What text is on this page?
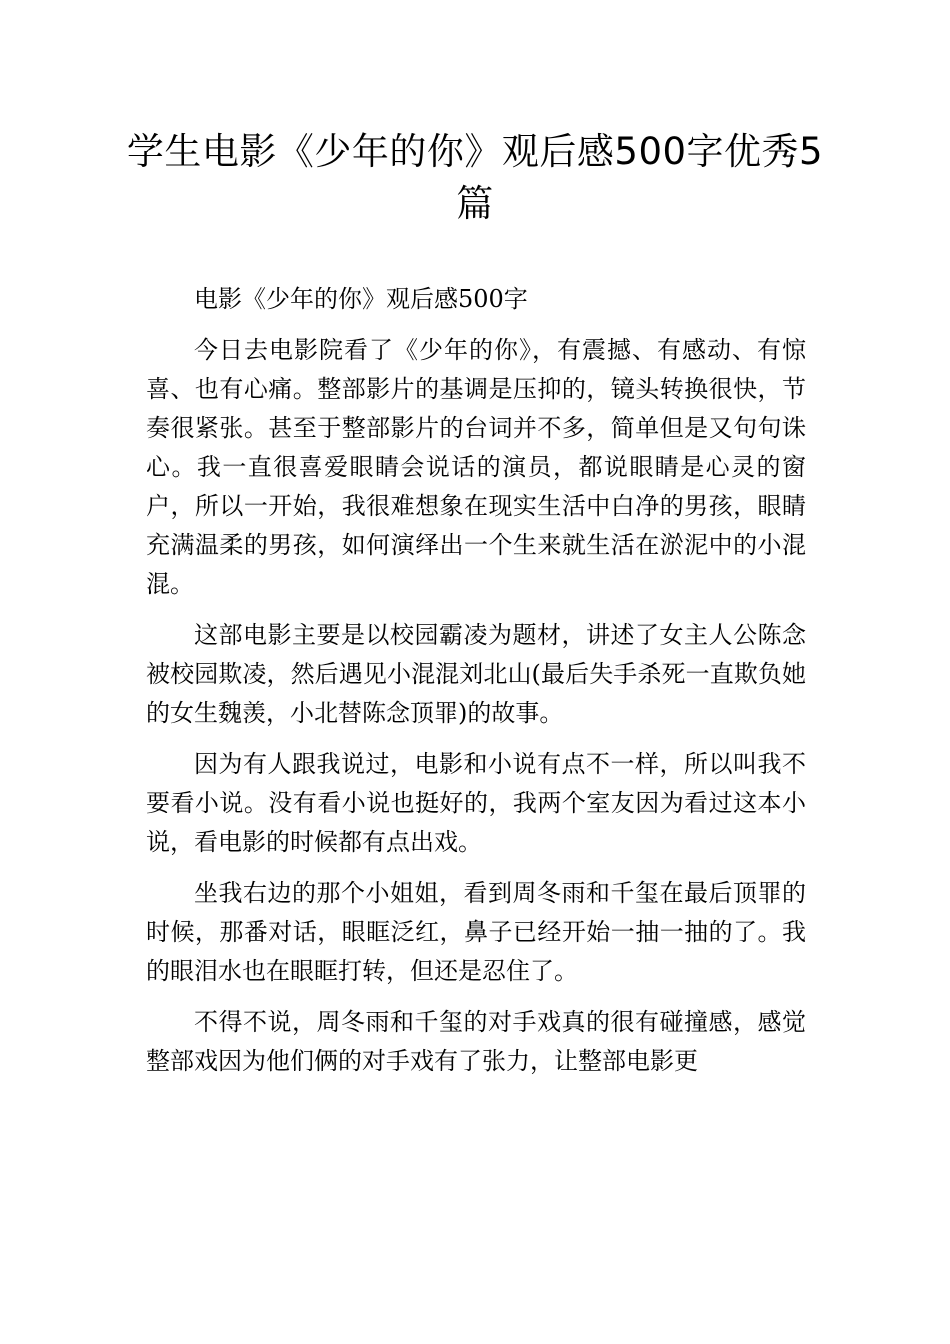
学生电影《少年的你》观后感500字优秀5篇

电影《少年的你》观后感500字

今日去电影院看了《少年的你》，有震撼、有感动、有惊喜、也有心痛。整部影片的基调是压抑的，镜头转换很快，节奏很紧张。甚至于整部影片的台词并不多，简单但是又句句诛心。我一直很喜爱眼睛会说话的演员，都说眼睛是心灵的窗户，所以一开始，我很难想象在现实生活中白净的男孩，眼睛充满温柔的男孩，如何演绎出一个生来就生活在淤泥中的小混混。

这部电影主要是以校园霸凌为题材，讲述了女主人公陈念被校园欺凌，然后遇见小混混刘北山(最后失手杀死一直欺负她的女生魏羡，小北替陈念顶罪)的故事。

因为有人跟我说过，电影和小说有点不一样，所以叫我不要看小说。没有看小说也挺好的，我两个室友因为看过这本小说，看电影的时候都有点出戏。

坐我右边的那个小姐姐，看到周冬雨和千玺在最后顶罪的时候，那番对话，眼眶泛红，鼻子已经开始一抽一抽的了。我的眼泪水也在眼眶打转，但还是忍住了。

不得不说，周冬雨和千玺的对手戏真的很有碰撞感，感觉整部戏因为他们俩的对手戏有了张力，让整部电影更
